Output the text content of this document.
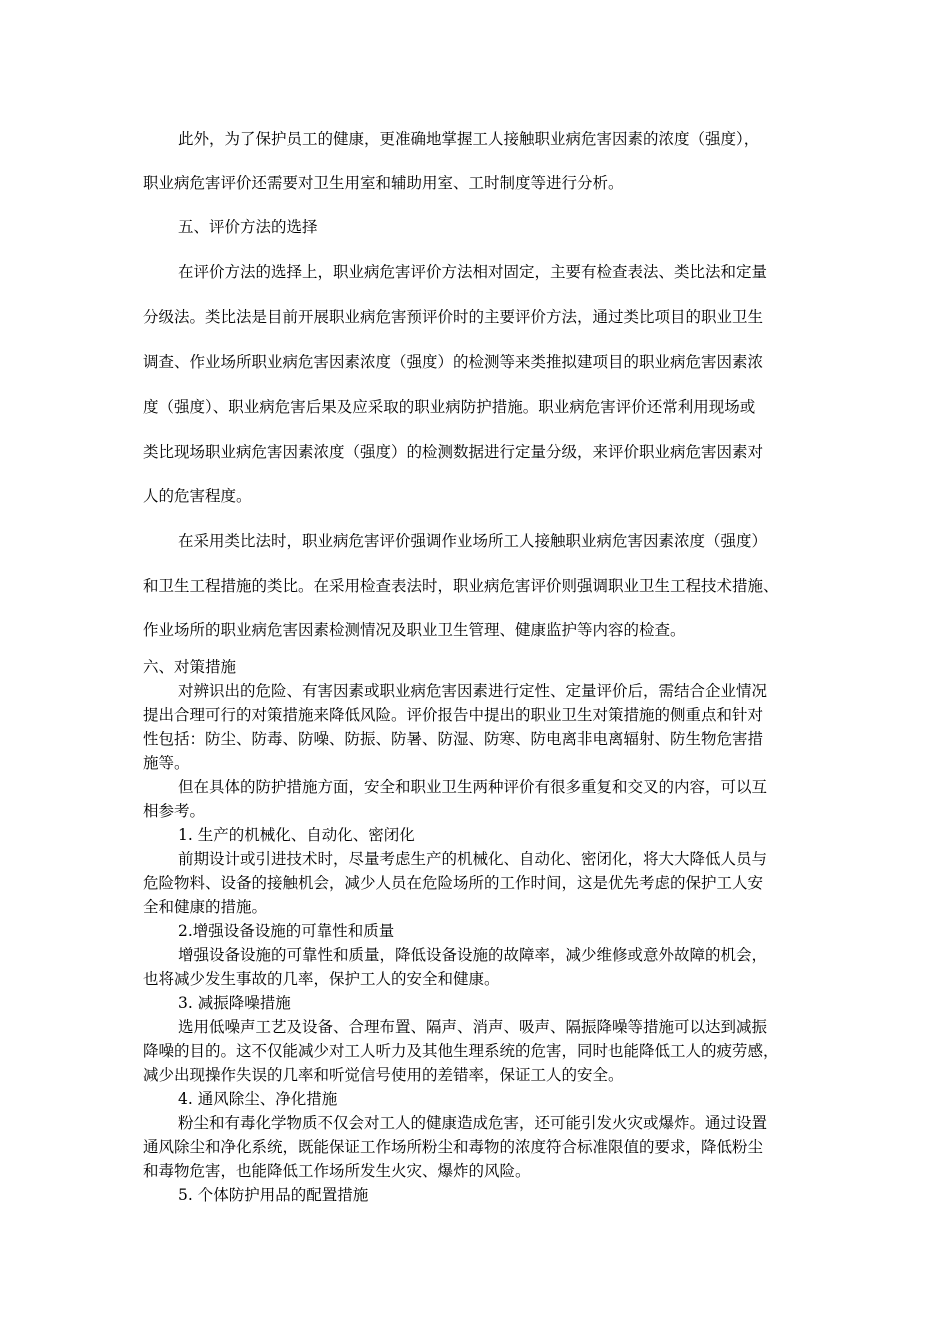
此外，为了保护员工的健康，更准确地掌握工人接触职业病危害因素的浓度（强度），

职业病危害评价还需要对卫生用室和辅助用室、工时制度等进行分析。

五、评价方法的选择

在评价方法的选择上，职业病危害评价方法相对固定，主要有检查表法、类比法和定量

分级法。类比法是目前开展职业病危害预评价时的主要评价方法，通过类比项目的职业卫生

调查、作业场所职业病危害因素浓度（强度）的检测等来类推拟建项目的职业病危害因素浓

度（强度）、职业病危害后果及应采取的职业病防护措施。职业病危害评价还常利用现场或

类比现场职业病危害因素浓度（强度）的检测数据进行定量分级，来评价职业病危害因素对

人的危害程度。

在采用类比法时，职业病危害评价强调作业场所工人接触职业病危害因素浓度（强度）

和卫生工程措施的类比。在采用检查表法时，职业病危害评价则强调职业卫生工程技术措施、

作业场所的职业病危害因素检测情况及职业卫生管理、健康监护等内容的检查。

六、对策措施

对辨识出的危险、有害因素或职业病危害因素进行定性、定量评价后，需结合企业情况

提出合理可行的对策措施来降低风险。评价报告中提出的职业卫生对策措施的侧重点和针对

性包括：防尘、防毒、防噪、防振、防暑、防湿、防寒、防电离非电离辐射、防生物危害措

施等。

但在具体的防护措施方面，安全和职业卫生两种评价有很多重复和交叉的内容，可以互

相参考。

1. 生产的机械化、自动化、密闭化

前期设计或引进技术时，尽量考虑生产的机械化、自动化、密闭化，将大大降低人员与

危险物料、设备的接触机会，减少人员在危险场所的工作时间，这是优先考虑的保护工人安

全和健康的措施。

2.增强设备设施的可靠性和质量

增强设备设施的可靠性和质量，降低设备设施的故障率，减少维修或意外故障的机会，

也将减少发生事故的几率，保护工人的安全和健康。

3. 减振降噪措施

选用低噪声工艺及设备、合理布置、隔声、消声、吸声、隔振降噪等措施可以达到减振

降噪的目的。这不仅能减少对工人听力及其他生理系统的危害，同时也能降低工人的疲劳感，

减少出现操作失误的几率和听觉信号使用的差错率，保证工人的安全。

4. 通风除尘、净化措施

粉尘和有毒化学物质不仅会对工人的健康造成危害，还可能引发火灾或爆炸。通过设置

通风除尘和净化系统，既能保证工作场所粉尘和毒物的浓度符合标准限值的要求，降低粉尘

和毒物危害，也能降低工作场所发生火灾、爆炸的风险。

5. 个体防护用品的配置措施
